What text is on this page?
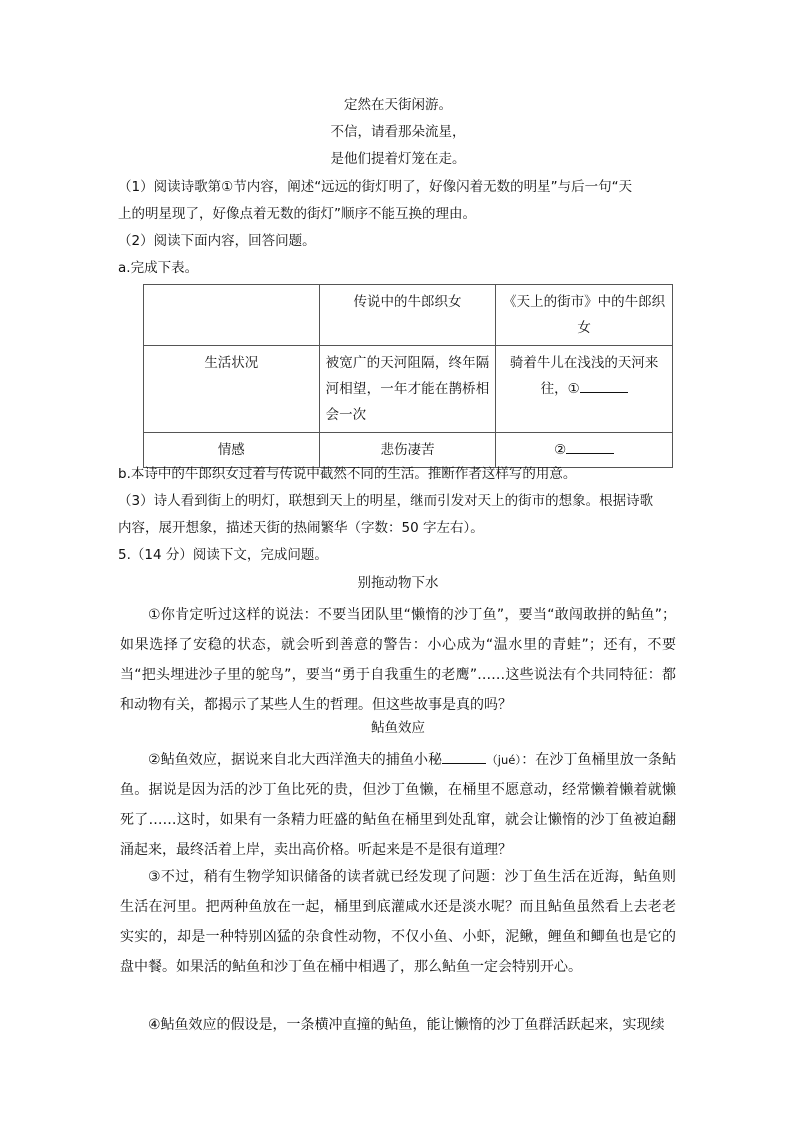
定然在天街闲游。
不信，请看那朵流星，
是他们提着灯笼在走。
（1）阅读诗歌第①节内容，阐述“远远的街灯明了，好像闪着无数的明星”与后一句“天
上的明星现了，好像点着无数的街灯”顺序不能互换的理由。
（2）阅读下面内容，回答问题。
a.完成下表。
	传说中的牛郎织女	《天上的街市》中的牛郎织女
生活状况	被宽广的天河阻隔，终年隔河相望，一年才能在鹊桥相会一次	骑着牛儿在浅浅的天河来往，①
情感	悲伤凄苦	②
b.本诗中的牛郎织女过着与传说中截然不同的生活。推断作者这样写的用意。
（3）诗人看到街上的明灯，联想到天上的明星，继而引发对天上的街市的想象。根据诗歌
内容，展开想象，描述天街的热闹繁华（字数：50 字左右）。
5.（14 分）阅读下文，完成问题。
别拖动物下水

①你肯定听过这样的说法：不要当团队里“懒惰的沙丁鱼”，要当“敢闯敢拼的鲇鱼”；如果选择了安稳的状态，就会听到善意的警告：小心成为“温水里的青蛙”；还有，不要当“把头埋进沙子里的鸵鸟”，要当“勇于自我重生的老鹰”……这些说法有个共同特征：都和动物有关，都揭示了某些人生的哲理。但这些故事是真的吗？

鲇鱼效应

②鲇鱼效应，据说来自北大西洋渔夫的捕鱼小秘	（jué）：在沙丁鱼桶里放一条鲇鱼。据说是因为活的沙丁鱼比死的贵，但沙丁鱼懒，在桶里不愿意动，经常懒着懒着就懒死了……这时，如果有一条精力旺盛的鲇鱼在桶里到处乱窜，就会让懒惰的沙丁鱼被迫翻涌起来，最终活着上岸，卖出高价格。听起来是不是很有道理？

③不过，稍有生物学知识储备的读者就已经发现了问题：沙丁鱼生活在近海，鲇鱼则生活在河里。把两种鱼放在一起，桶里到底灌咸水还是淡水呢？而且鲇鱼虽然看上去老老实实的，却是一种特别凶猛的杂食性动物，不仅小鱼、小虾，泥鳅，鲤鱼和鲫鱼也是它的盘中餐。如果活的鲇鱼和沙丁鱼在桶中相遇了，那么鲇鱼一定会特别开心。

④鲇鱼效应的假设是，一条横冲直撞的鲇鱼，能让懒惰的沙丁鱼群活跃起来，实现续
